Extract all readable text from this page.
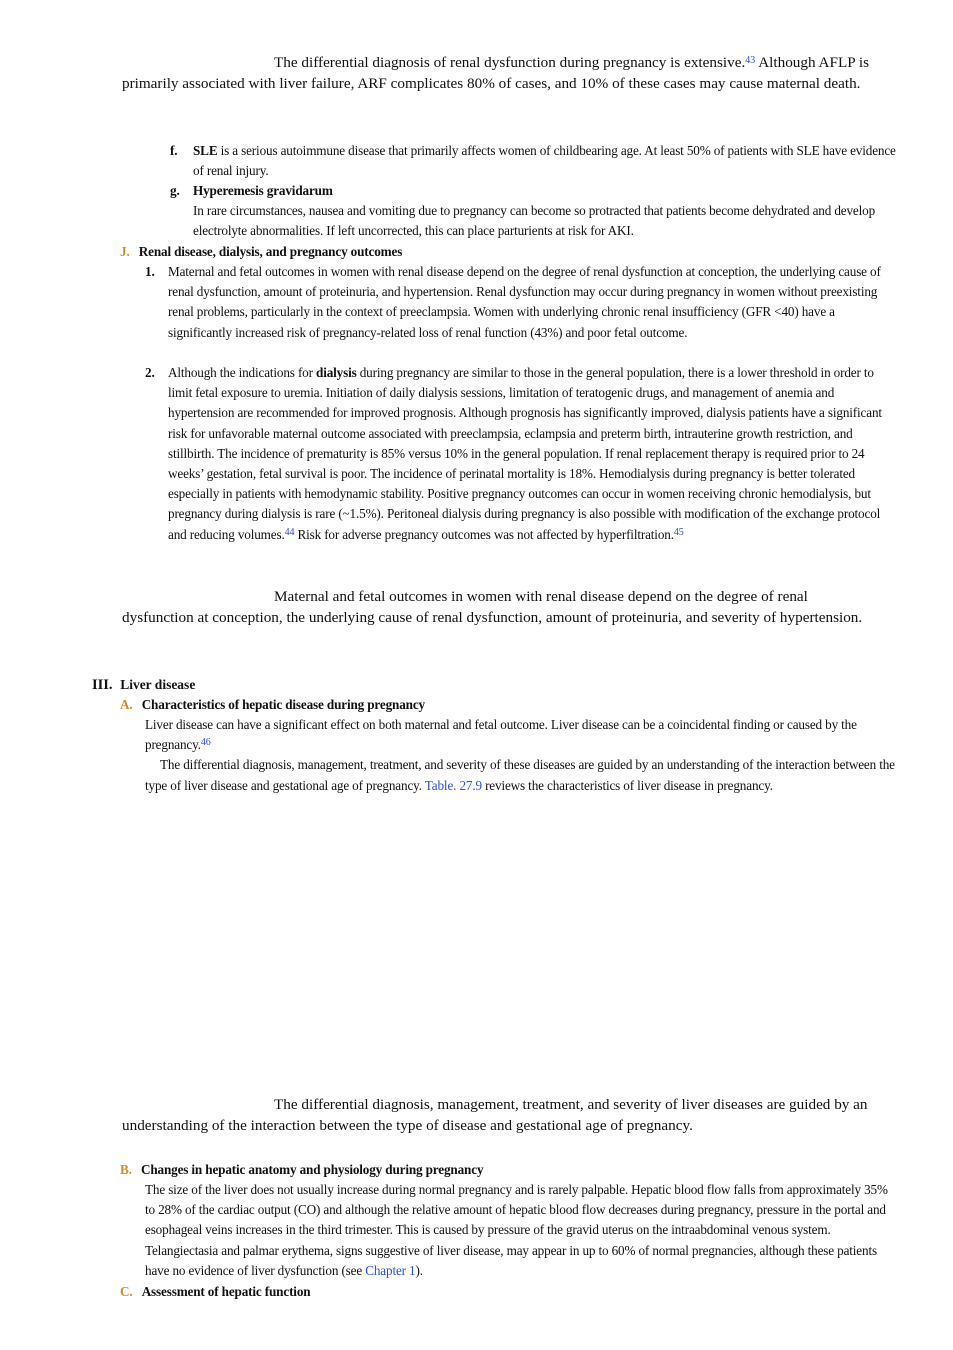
The differential diagnosis of renal dysfunction during pregnancy is extensive.$^{43}$ Although AFLP is primarily associated with liver failure, ARF complicates 80% of cases, and 10% of these cases may cause maternal death.

f. SLE is a serious autoimmune disease that primarily affects women of childbearing age. At least 50% of patients with SLE have evidence of renal injury.
g. Hyperemesis gravidarum
In rare circumstances, nausea and vomiting due to pregnancy can become so protracted that patients become dehydrated and develop electrolyte abnormalities. If left uncorrected, this can place parturients at risk for AKI.
J. Renal disease, dialysis, and pregnancy outcomes
1. Maternal and fetal outcomes in women with renal disease depend on the degree of renal dysfunction at conception, the underlying cause of renal dysfunction, amount of proteinuria, and hypertension. Renal dysfunction may occur during pregnancy in women without preexisting renal problems, particularly in the context of preeclampsia. Women with underlying chronic renal insufficiency (GFR <40) have a significantly increased risk of pregnancy-related loss of renal function (43%) and poor fetal outcome.
2. Although the indications for dialysis during pregnancy are similar to those in the general population, there is a lower threshold in order to limit fetal exposure to uremia. Initiation of daily dialysis sessions, limitation of teratogenic drugs, and management of anemia and hypertension are recommended for improved prognosis. Although prognosis has significantly improved, dialysis patients have a significant risk for unfavorable maternal outcome associated with preeclampsia, eclampsia and preterm birth, intrauterine growth restriction, and stillbirth. The incidence of prematurity is 85% versus 10% in the general population. If renal replacement therapy is required prior to 24 weeks’ gestation, fetal survival is poor. The incidence of perinatal mortality is 18%. Hemodialysis during pregnancy is better tolerated especially in patients with hemodynamic stability. Positive pregnancy outcomes can occur in women receiving chronic hemodialysis, but pregnancy during dialysis is rare (~1.5%). Peritoneal dialysis during pregnancy is also possible with modification of the exchange protocol and reducing volumes.$^{44}$ Risk for adverse pregnancy outcomes was not affected by hyperfiltration.$^{45}$

Maternal and fetal outcomes in women with renal disease depend on the degree of renal dysfunction at conception, the underlying cause of renal dysfunction, amount of proteinuria, and severity of hypertension.

III. Liver disease
A. Characteristics of hepatic disease during pregnancy
Liver disease can have a significant effect on both maternal and fetal outcome. Liver disease can be a coincidental finding or caused by the pregnancy.$^{46}$
The differential diagnosis, management, treatment, and severity of these diseases are guided by an understanding of the interaction between the type of liver disease and gestational age of pregnancy. Table. 27.9 reviews the characteristics of liver disease in pregnancy.

The differential diagnosis, management, treatment, and severity of liver diseases are guided by an understanding of the interaction between the type of disease and gestational age of pregnancy.

B. Changes in hepatic anatomy and physiology during pregnancy
The size of the liver does not usually increase during normal pregnancy and is rarely palpable. Hepatic blood flow falls from approximately 35% to 28% of the cardiac output (CO) and although the relative amount of hepatic blood flow decreases during pregnancy, pressure in the portal and esophageal veins increases in the third trimester. This is caused by pressure of the gravid uterus on the intraabdominal venous system. Telangiectasia and palmar erythema, signs suggestive of liver disease, may appear in up to 60% of normal pregnancies, although these patients have no evidence of liver dysfunction (see Chapter 1).
C. Assessment of hepatic function
